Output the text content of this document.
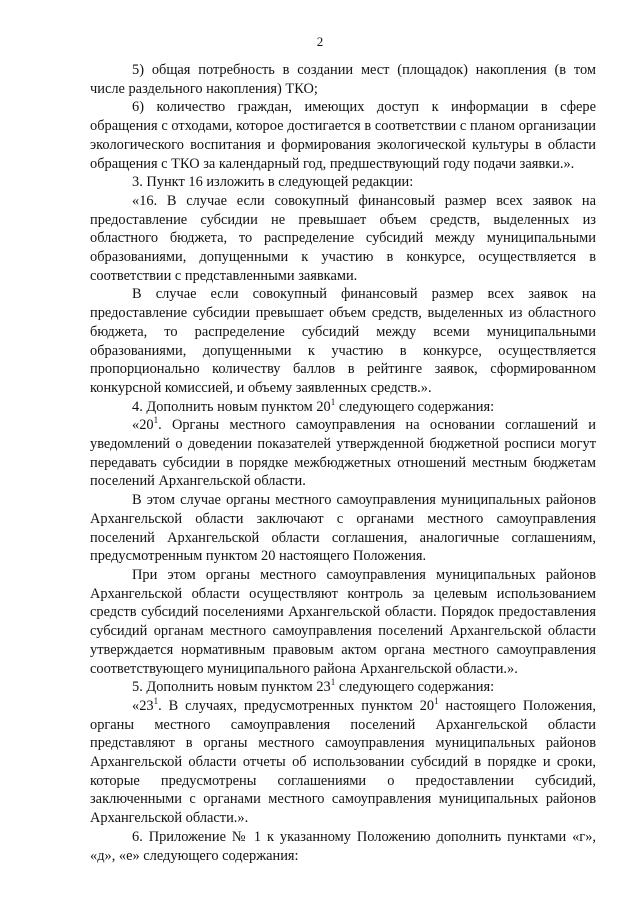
2

5) общая потребность в создании мест (площадок) накопления (в том числе раздельного накопления) ТКО;

6) количество граждан, имеющих доступ к информации в сфере обращения с отходами, которое достигается в соответствии с планом организации экологического воспитания и формирования экологической культуры в области обращения с ТКО за календарный год, предшествующий году подачи заявки.».

3. Пункт 16 изложить в следующей редакции:

«16. В случае если совокупный финансовый размер всех заявок на предоставление субсидии не превышает объем средств, выделенных из областного бюджета, то распределение субсидий между муниципальными образованиями, допущенными к участию в конкурсе, осуществляется в соответствии с представленными заявками.

В случае если совокупный финансовый размер всех заявок на предоставление субсидии превышает объем средств, выделенных из областного бюджета, то распределение субсидий между всеми муниципальными образованиями, допущенными к участию в конкурсе, осуществляется пропорционально количеству баллов в рейтинге заявок, сформированном конкурсной комиссией, и объему заявленных средств.».

4. Дополнить новым пунктом $20^1$ следующего содержания:

«$20^1$. Органы местного самоуправления на основании соглашений и уведомлений о доведении показателей утвержденной бюджетной росписи могут передавать субсидии в порядке межбюджетных отношений местным бюджетам поселений Архангельской области.

В этом случае органы местного самоуправления муниципальных районов Архангельской области заключают с органами местного самоуправления поселений Архангельской области соглашения, аналогичные соглашениям, предусмотренным пунктом 20 настоящего Положения.

При этом органы местного самоуправления муниципальных районов Архангельской области осуществляют контроль за целевым использованием средств субсидий поселениями Архангельской области. Порядок предоставления субсидий органам местного самоуправления поселений Архангельской области утверждается нормативным правовым актом органа местного самоуправления соответствующего муниципального района Архангельской области.».

5. Дополнить новым пунктом $23^1$ следующего содержания:

«$23^1$. В случаях, предусмотренных пунктом $20^1$ настоящего Положения, органы местного самоуправления поселений Архангельской области представляют в органы местного самоуправления муниципальных районов Архангельской области отчеты об использовании субсидий в порядке и сроки, которые предусмотрены соглашениями о предоставлении субсидий, заключенными с органами местного самоуправления муниципальных районов Архангельской области.».

6. Приложение № 1 к указанному Положению дополнить пунктами «г», «д», «е» следующего содержания:
